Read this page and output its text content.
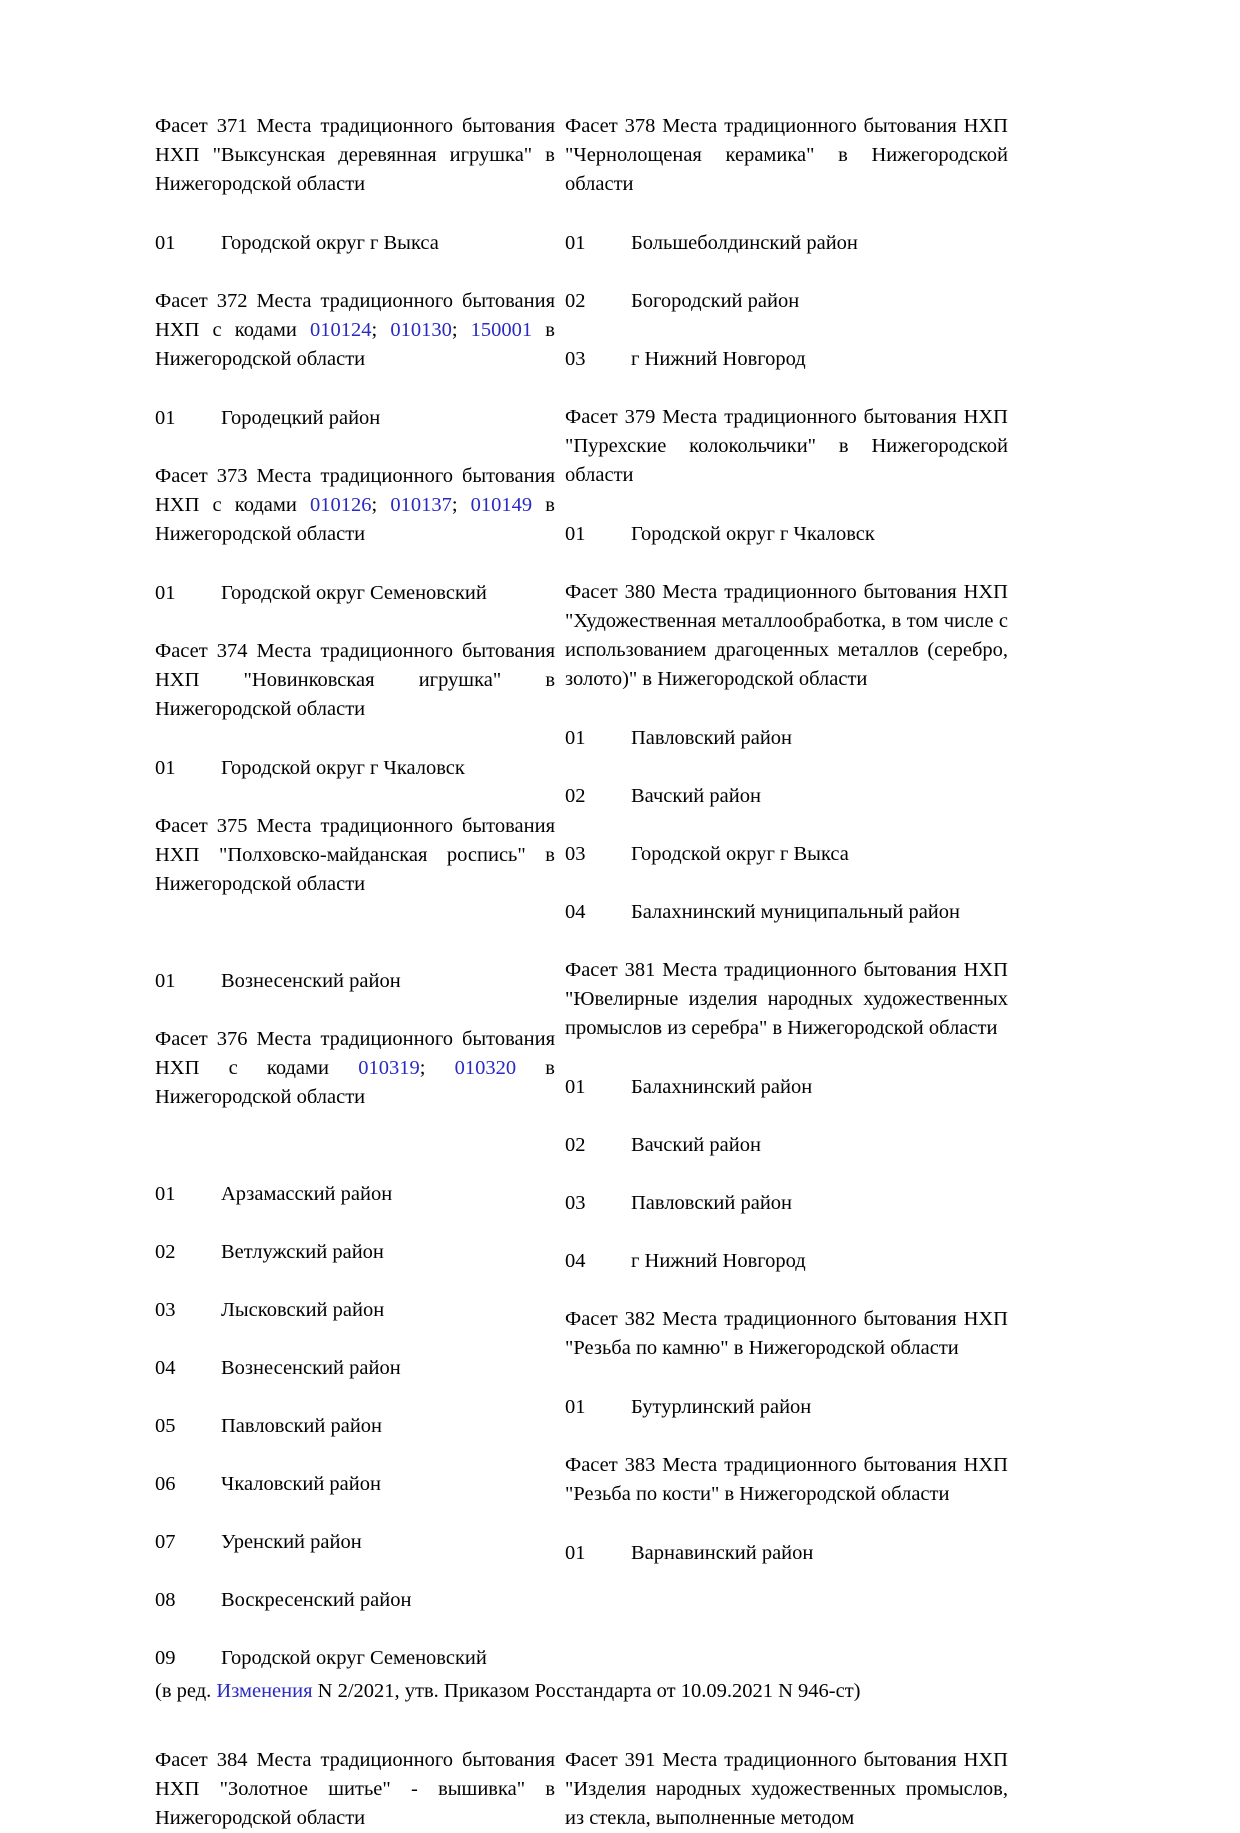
Фасет 371 Места традиционного бытования НХП "Выксунская деревянная игрушка" в Нижегородской области

01	Городской округ г Выкса

Фасет 372 Места традиционного бытования НХП с кодами 010124; 010130; 150001 в Нижегородской области

01	Городецкий район

Фасет 373 Места традиционного бытования НХП с кодами 010126; 010137; 010149 в Нижегородской области

01	Городской округ Семеновский

Фасет 374 Места традиционного бытования НХП "Новинковская игрушка" в Нижегородской области

01	Городской округ г Чкаловск

Фасет 375 Места традиционного бытования НХП "Полховско-майданская роспись" в Нижегородской области

01	Вознесенский район

Фасет 376 Места традиционного бытования НХП с кодами 010319; 010320 в Нижегородской области

01	Арзамасский район
02	Ветлужский район
03	Лысковский район
04	Вознесенский район
05	Павловский район
06	Чкаловский район
07	Уренский район
08	Воскресенский район
09	Городской округ Семеновский

Фасет 378 Места традиционного бытования НХП "Чернолощеная керамика" в Нижегородской области

01	Большеболдинский район
02	Богородский район
03	г Нижний Новгород

Фасет 379 Места традиционного бытования НХП "Пурехские колокольчики" в Нижегородской области

01	Городской округ г Чкаловск

Фасет 380 Места традиционного бытования НХП "Художественная металлообработка, в том числе с использованием драгоценных металлов (серебро, золото)" в Нижегородской области

01	Павловский район
02	Вачский район
03	Городской округ г Выкса
04	Балахнинский муниципальный район

Фасет 381 Места традиционного бытования НХП "Ювелирные изделия народных художественных промыслов из серебра" в Нижегородской области

01	Балахнинский район
02	Вачский район
03	Павловский район
04	г Нижний Новгород

Фасет 382 Места традиционного бытования НХП "Резьба по камню" в Нижегородской области

01	Бутурлинский район

Фасет 383 Места традиционного бытования НХП "Резьба по кости" в Нижегородской области

01	Варнавинский район

(в ред. Изменения N 2/2021, утв. Приказом Росстандарта от 10.09.2021 N 946-ст)

Фасет 384 Места традиционного бытования НХП "Золотное шитье" - вышивка" в Нижегородской области

Фасет 391 Места традиционного бытования НХП "Изделия народных художественных промыслов, из стекла, выполненные методом
